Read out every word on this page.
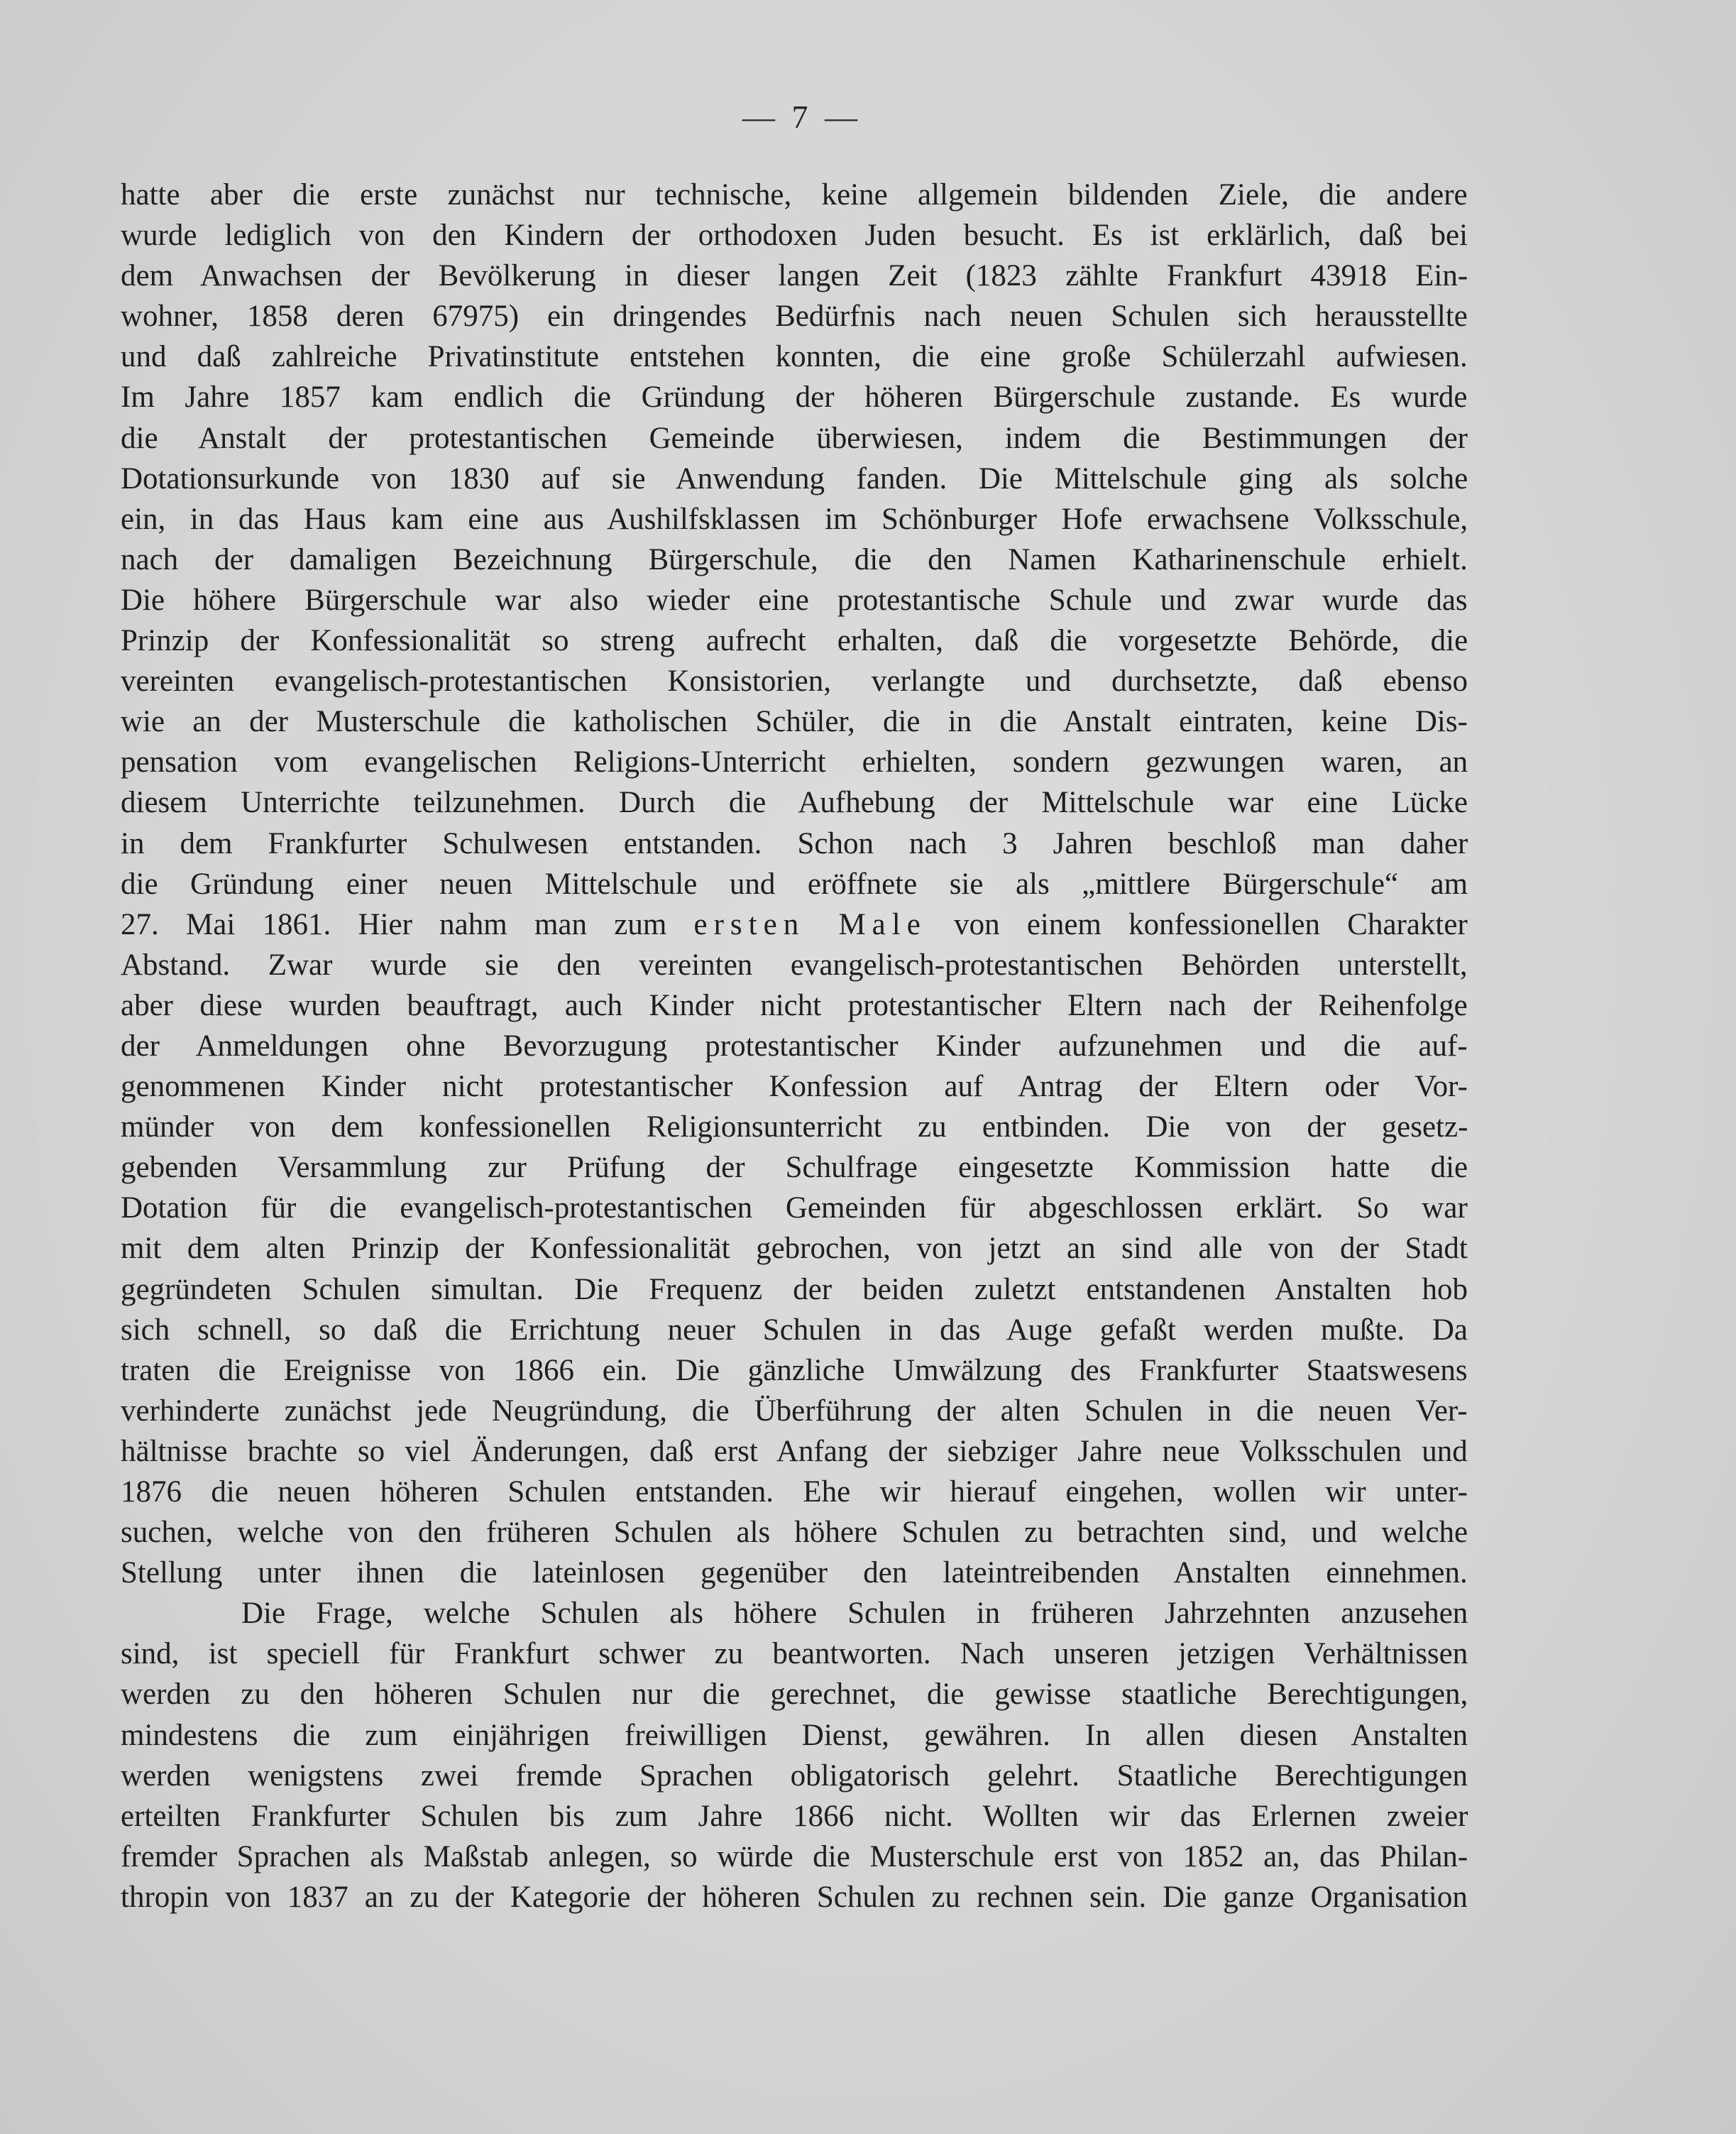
— 7 —
hatte aber die erste zunächst nur technische, keine allgemein bildenden Ziele, die andere
wurde lediglich von den Kindern der orthodoxen Juden besucht. Es ist erklärlich, daß bei
dem Anwachsen der Bevölkerung in dieser langen Zeit (1823 zählte Frankfurt 43918 Ein-
wohner, 1858 deren 67975) ein dringendes Bedürfnis nach neuen Schulen sich herausstellte
und daß zahlreiche Privatinstitute entstehen konnten, die eine große Schülerzahl aufwiesen.
Im Jahre 1857 kam endlich die Gründung der höheren Bürgerschule zustande. Es wurde
die Anstalt der protestantischen Gemeinde überwiesen, indem die Bestimmungen der
Dotationsurkunde von 1830 auf sie Anwendung fanden. Die Mittelschule ging als solche
ein, in das Haus kam eine aus Aushilfsklassen im Schönburger Hofe erwachsene Volksschule,
nach der damaligen Bezeichnung Bürgerschule, die den Namen Katharinenschule erhielt.
Die höhere Bürgerschule war also wieder eine protestantische Schule und zwar wurde das
Prinzip der Konfessionalität so streng aufrecht erhalten, daß die vorgesetzte Behörde, die
vereinten evangelisch-protestantischen Konsistorien, verlangte und durchsetzte, daß ebenso
wie an der Musterschule die katholischen Schüler, die in die Anstalt eintraten, keine Dis-
pensation vom evangelischen Religions-Unterricht erhielten, sondern gezwungen waren, an
diesem Unterrichte teilzunehmen. Durch die Aufhebung der Mittelschule war eine Lücke
in dem Frankfurter Schulwesen entstanden. Schon nach 3 Jahren beschloß man daher
die Gründung einer neuen Mittelschule und eröffnete sie als „mittlere Bürgerschule“ am
27. Mai 1861. Hier nahm man zum ersten Male von einem konfessionellen Charakter
Abstand. Zwar wurde sie den vereinten evangelisch-protestantischen Behörden unterstellt,
aber diese wurden beauftragt, auch Kinder nicht protestantischer Eltern nach der Reihenfolge
der Anmeldungen ohne Bevorzugung protestantischer Kinder aufzunehmen und die auf-
genommenen Kinder nicht protestantischer Konfession auf Antrag der Eltern oder Vor-
münder von dem konfessionellen Religionsunterricht zu entbinden. Die von der gesetz-
gebenden Versammlung zur Prüfung der Schulfrage eingesetzte Kommission hatte die
Dotation für die evangelisch-protestantischen Gemeinden für abgeschlossen erklärt. So war
mit dem alten Prinzip der Konfessionalität gebrochen, von jetzt an sind alle von der Stadt
gegründeten Schulen simultan. Die Frequenz der beiden zuletzt entstandenen Anstalten hob
sich schnell, so daß die Errichtung neuer Schulen in das Auge gefaßt werden mußte. Da
traten die Ereignisse von 1866 ein. Die gänzliche Umwälzung des Frankfurter Staatswesens
verhinderte zunächst jede Neugründung, die Überführung der alten Schulen in die neuen Ver-
hältnisse brachte so viel Änderungen, daß erst Anfang der siebziger Jahre neue Volksschulen und
1876 die neuen höheren Schulen entstanden. Ehe wir hierauf eingehen, wollen wir unter-
suchen, welche von den früheren Schulen als höhere Schulen zu betrachten sind, und welche
Stellung unter ihnen die lateinlosen gegenüber den lateintreibenden Anstalten einnehmen.
Die Frage, welche Schulen als höhere Schulen in früheren Jahrzehnten anzusehen
sind, ist speciell für Frankfurt schwer zu beantworten. Nach unseren jetzigen Verhältnissen
werden zu den höheren Schulen nur die gerechnet, die gewisse staatliche Berechtigungen,
mindestens die zum einjährigen freiwilligen Dienst, gewähren. In allen diesen Anstalten
werden wenigstens zwei fremde Sprachen obligatorisch gelehrt. Staatliche Berechtigungen
erteilten Frankfurter Schulen bis zum Jahre 1866 nicht. Wollten wir das Erlernen zweier
fremder Sprachen als Maßstab anlegen, so würde die Musterschule erst von 1852 an, das Philan-
thropin von 1837 an zu der Kategorie der höheren Schulen zu rechnen sein. Die ganze Organisation
